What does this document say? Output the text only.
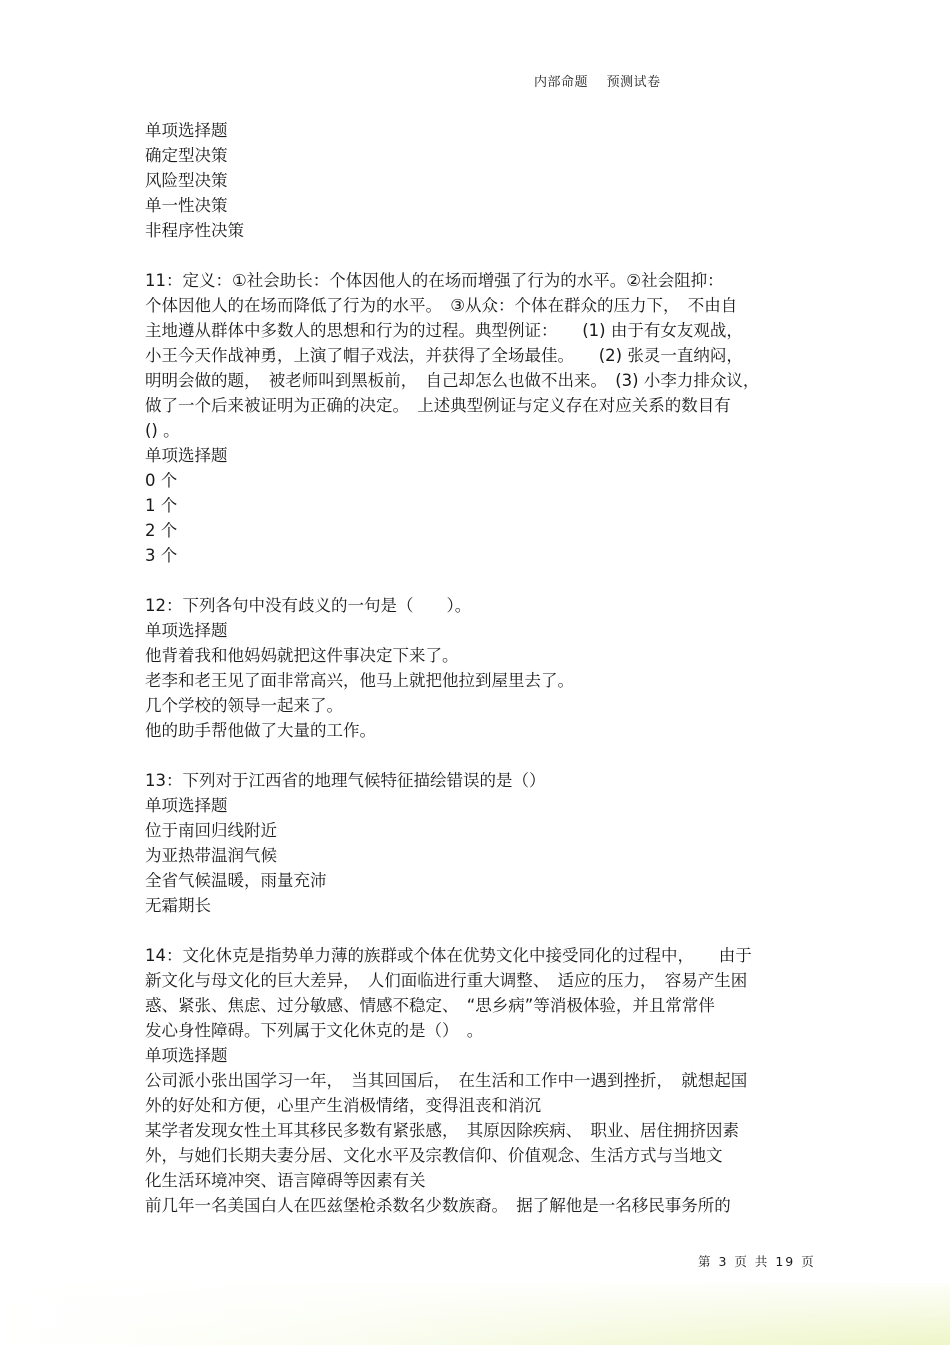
内部命题 预测试卷
单项选择题
确定型决策
风险型决策
单一性决策
非程序性决策
11：定义：①社会助长：个体因他人的在场而增强了行为的水平。②社会阻抑：
个体因他人的在场而降低了行为的水平。　③从众：个体在群众的压力下，　不由自
主地遵从群体中多数人的思想和行为的过程。典型例证：　　(1) 由于有女友观战，
小王今天作战神勇，上演了帽子戏法，并获得了全场最佳。　　(2) 张灵一直纳闷，
明明会做的题，　被老师叫到黑板前，　自己却怎么也做不出来。　(3) 小李力排众议，
做了一个后来被证明为正确的决定。　上述典型例证与定义存在对应关系的数目有
() 。
单项选择题
0 个
1 个
2 个
3 个
12：下列各句中没有歧义的一句是（　　）。
单项选择题
他背着我和他妈妈就把这件事决定下来了。
老李和老王见了面非常高兴，他马上就把他拉到屋里去了。
几个学校的领导一起来了。
他的助手帮他做了大量的工作。
13：下列对于江西省的地理气候特征描绘错误的是（）
单项选择题
位于南回归线附近
为亚热带温润气候
全省气候温暖，雨量充沛
无霜期长
14：文化休克是指势单力薄的族群或个体在优势文化中接受同化的过程中，　　由于
新文化与母文化的巨大差异，　人们面临进行重大调整、　适应的压力，　容易产生困
惑、紧张、焦虑、过分敏感、情感不稳定、　“思乡病”等消极体验，并且常常伴
发心身性障碍。下列属于文化休克的是（）　。
单项选择题
公司派小张出国学习一年，　当其回国后，　在生活和工作中一遇到挫折，　就想起国
外的好处和方便，心里产生消极情绪，变得沮丧和消沉
某学者发现女性土耳其移民多数有紧张感，　其原因除疾病、　职业、居住拥挤因素
外，与她们长期夫妻分居、文化水平及宗教信仰、价值观念、生活方式与当地文
化生活环境冲突、语言障碍等因素有关
前几年一名美国白人在匹兹堡枪杀数名少数族裔。　据了解他是一名移民事务所的
第 3 页 共 19 页
